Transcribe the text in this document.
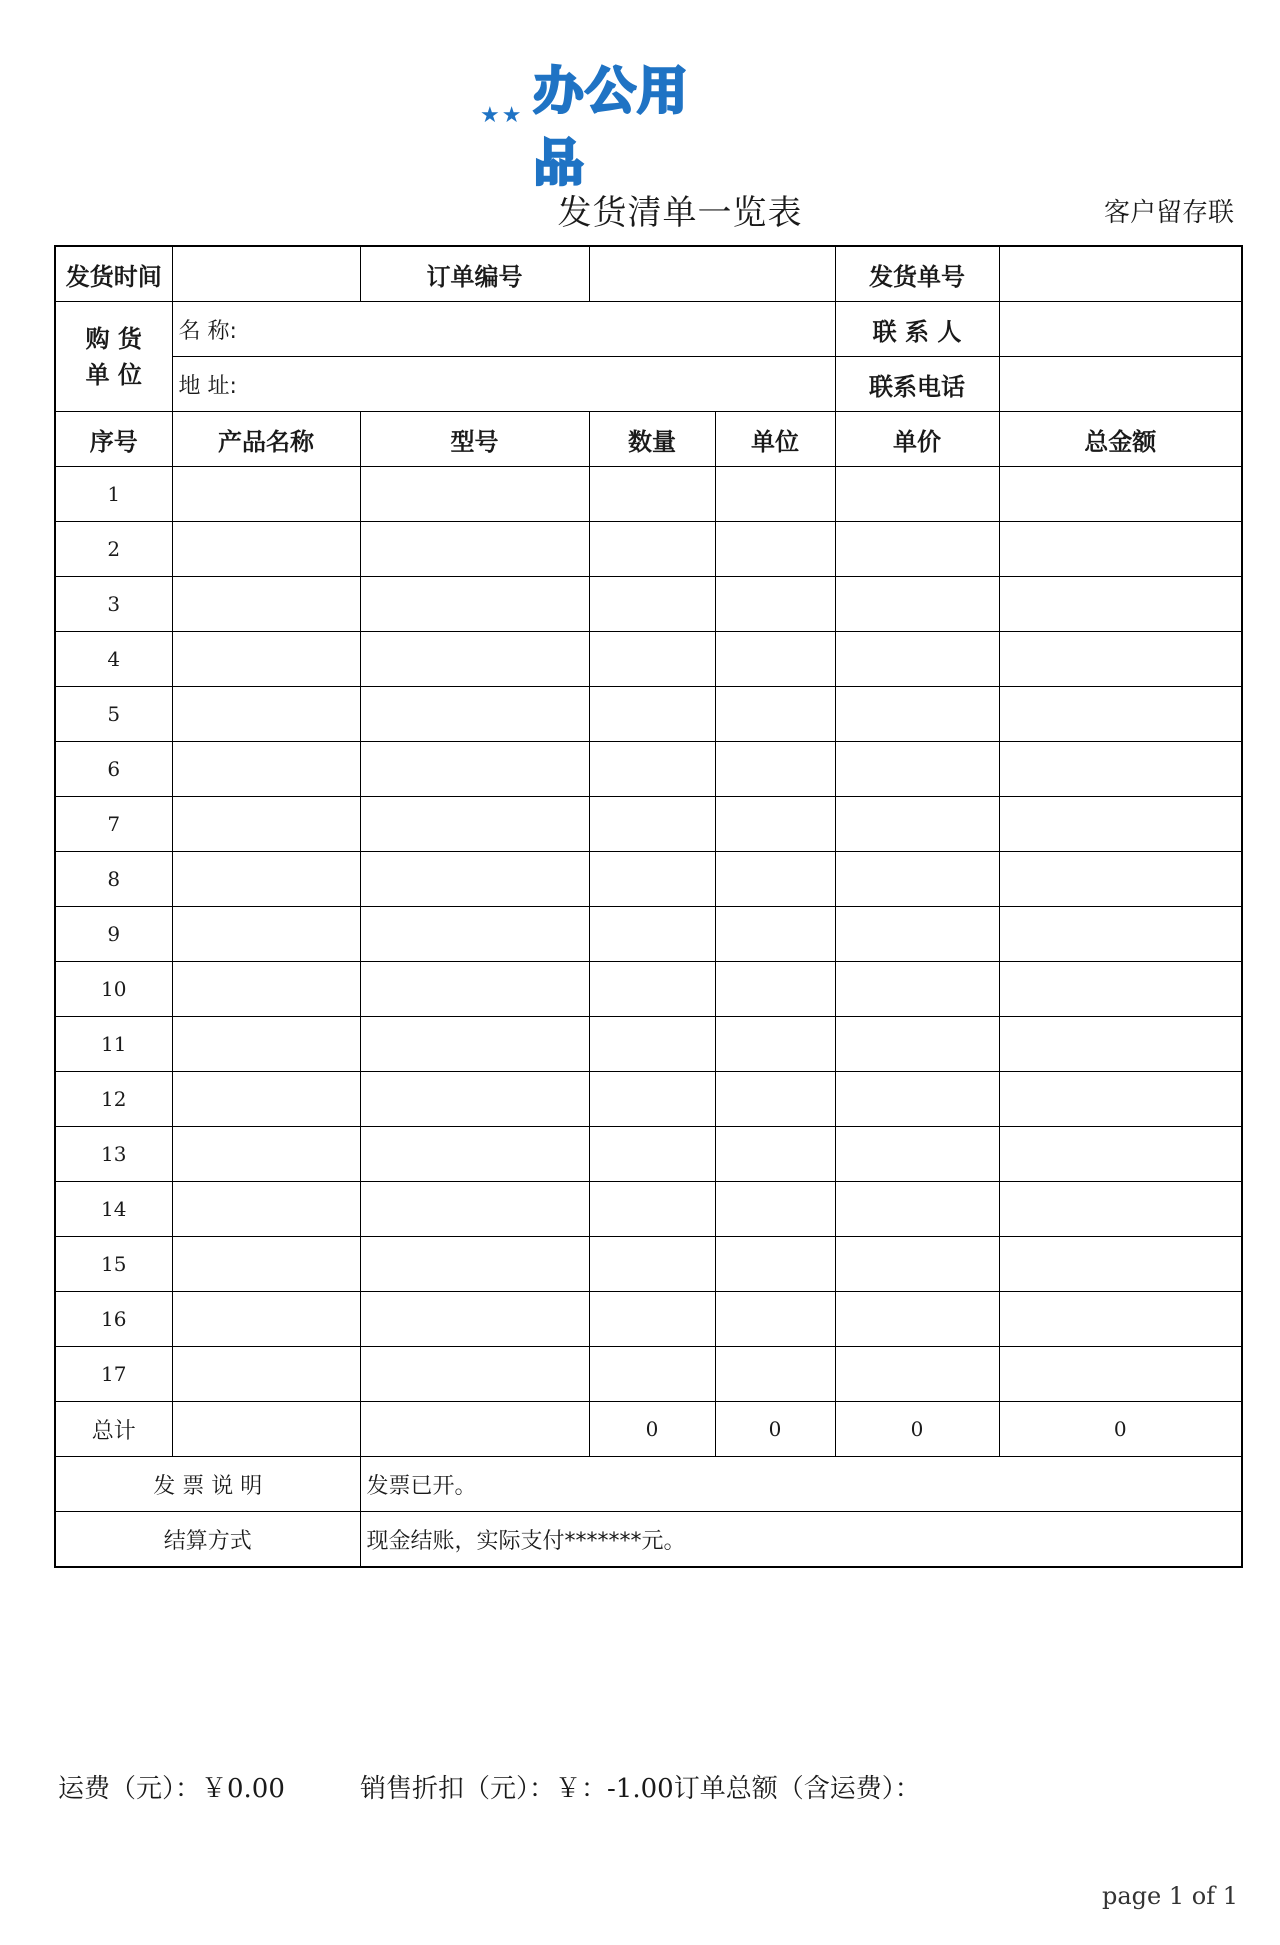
★★ 办公用品
发货清单一览表	客户留存联
发货时间		订单编号			发货单号	

购 货
单 位	名 称:				联 系 人	
	地 址:				联系电话	
序号	产品名称	型号	数量	单位	单价	总金额
1						
2						
3						
4						
5						
6						
7						
8						
9						
10						
11						
12						
13						
14						
15						
16						
17						
总计			0	0	0	0
发 票 说 明		发票已开。				
结算方式		现金结账，实际支付*******元。				
运费（元）：￥0.00	销售折扣（元）：￥：-1.00订单总额（含运费）：
page 1 of 1
